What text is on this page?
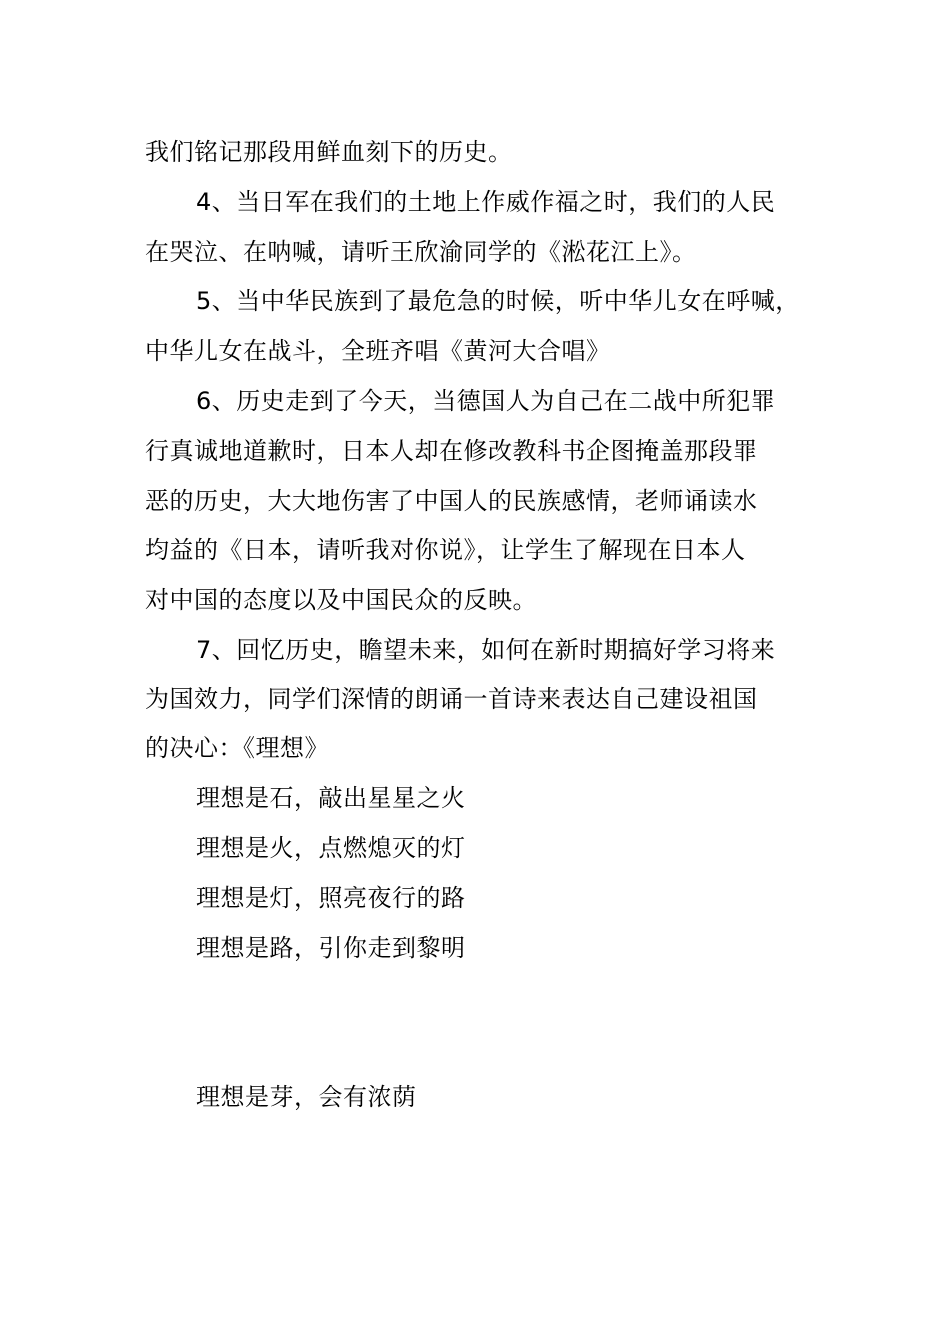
我们铭记那段用鲜血刻下的历史。
4、当日军在我们的土地上作威作福之时，我们的人民
在哭泣、在呐喊，请听王欣渝同学的《淞花江上》。
5、当中华民族到了最危急的时候，听中华儿女在呼喊，
中华儿女在战斗，全班齐唱《黄河大合唱》
6、历史走到了今天，当德国人为自己在二战中所犯罪
行真诚地道歉时，日本人却在修改教科书企图掩盖那段罪
恶的历史，大大地伤害了中国人的民族感情，老师诵读水
均益的《日本，请听我对你说》，让学生了解现在日本人
对中国的态度以及中国民众的反映。
7、回忆历史，瞻望未来，如何在新时期搞好学习将来
为国效力，同学们深情的朗诵一首诗来表达自己建设祖国
的决心：《理想》
理想是石，敲出星星之火
理想是火，点燃熄灭的灯
理想是灯，照亮夜行的路
理想是路，引你走到黎明
理想是芽，会有浓荫
